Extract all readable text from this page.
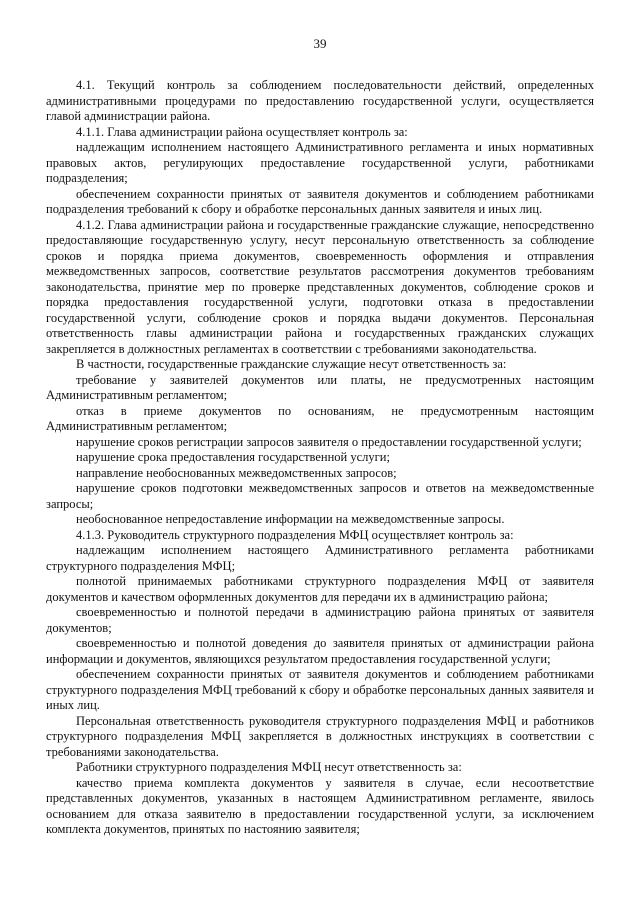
39

4.1. Текущий контроль за соблюдением последовательности действий, определенных административными процедурами по предоставлению государственной услуги, осуществляется главой администрации района.

4.1.1. Глава администрации района осуществляет контроль за:

надлежащим исполнением настоящего Административного регламента и иных нормативных правовых актов, регулирующих предоставление государственной услуги, работниками подразделения;

обеспечением сохранности принятых от заявителя документов и соблюдением работниками подразделения требований к сбору и обработке персональных данных заявителя и иных лиц.

4.1.2. Глава администрации района и государственные гражданские служащие, непосредственно предоставляющие государственную услугу, несут персональную ответственность за соблюдение сроков и порядка приема документов, своевременность оформления и отправления межведомственных запросов, соответствие результатов рассмотрения документов требованиям законодательства, принятие мер по проверке представленных документов, соблюдение сроков и порядка предоставления государственной услуги, подготовки отказа в предоставлении государственной услуги, соблюдение сроков и порядка выдачи документов. Персональная ответственность главы администрации района и государственных гражданских служащих закрепляется в должностных регламентах в соответствии с требованиями законодательства.

В частности, государственные гражданские служащие несут ответственность за:

требование у заявителей документов или платы, не предусмотренных настоящим Административным регламентом;

отказ в приеме документов по основаниям, не предусмотренным настоящим Административным регламентом;

нарушение сроков регистрации запросов заявителя о предоставлении государственной услуги;

нарушение срока предоставления государственной услуги;

направление необоснованных межведомственных запросов;

нарушение сроков подготовки межведомственных запросов и ответов на межведомственные запросы;

необоснованное непредоставление информации на межведомственные запросы.

4.1.3. Руководитель структурного подразделения МФЦ осуществляет контроль за:

надлежащим исполнением настоящего Административного регламента работниками структурного подразделения МФЦ;

полнотой принимаемых работниками структурного подразделения МФЦ от заявителя документов и качеством оформленных документов для передачи их в администрацию района;

своевременностью и полнотой передачи в администрацию района принятых от заявителя документов;

своевременностью и полнотой доведения до заявителя принятых от администрации района информации и документов, являющихся результатом предоставления государственной услуги;

обеспечением сохранности принятых от заявителя документов и соблюдением работниками структурного подразделения МФЦ требований к сбору и обработке персональных данных заявителя и иных лиц.

Персональная ответственность руководителя структурного подразделения МФЦ и работников структурного подразделения МФЦ закрепляется в должностных инструкциях в соответствии с требованиями законодательства.

Работники структурного подразделения МФЦ несут ответственность за:

качество приема комплекта документов у заявителя в случае, если несоответствие представленных документов, указанных в настоящем Административном регламенте, явилось основанием для отказа заявителю в предоставлении государственной услуги, за исключением комплекта документов, принятых по настоянию заявителя;
